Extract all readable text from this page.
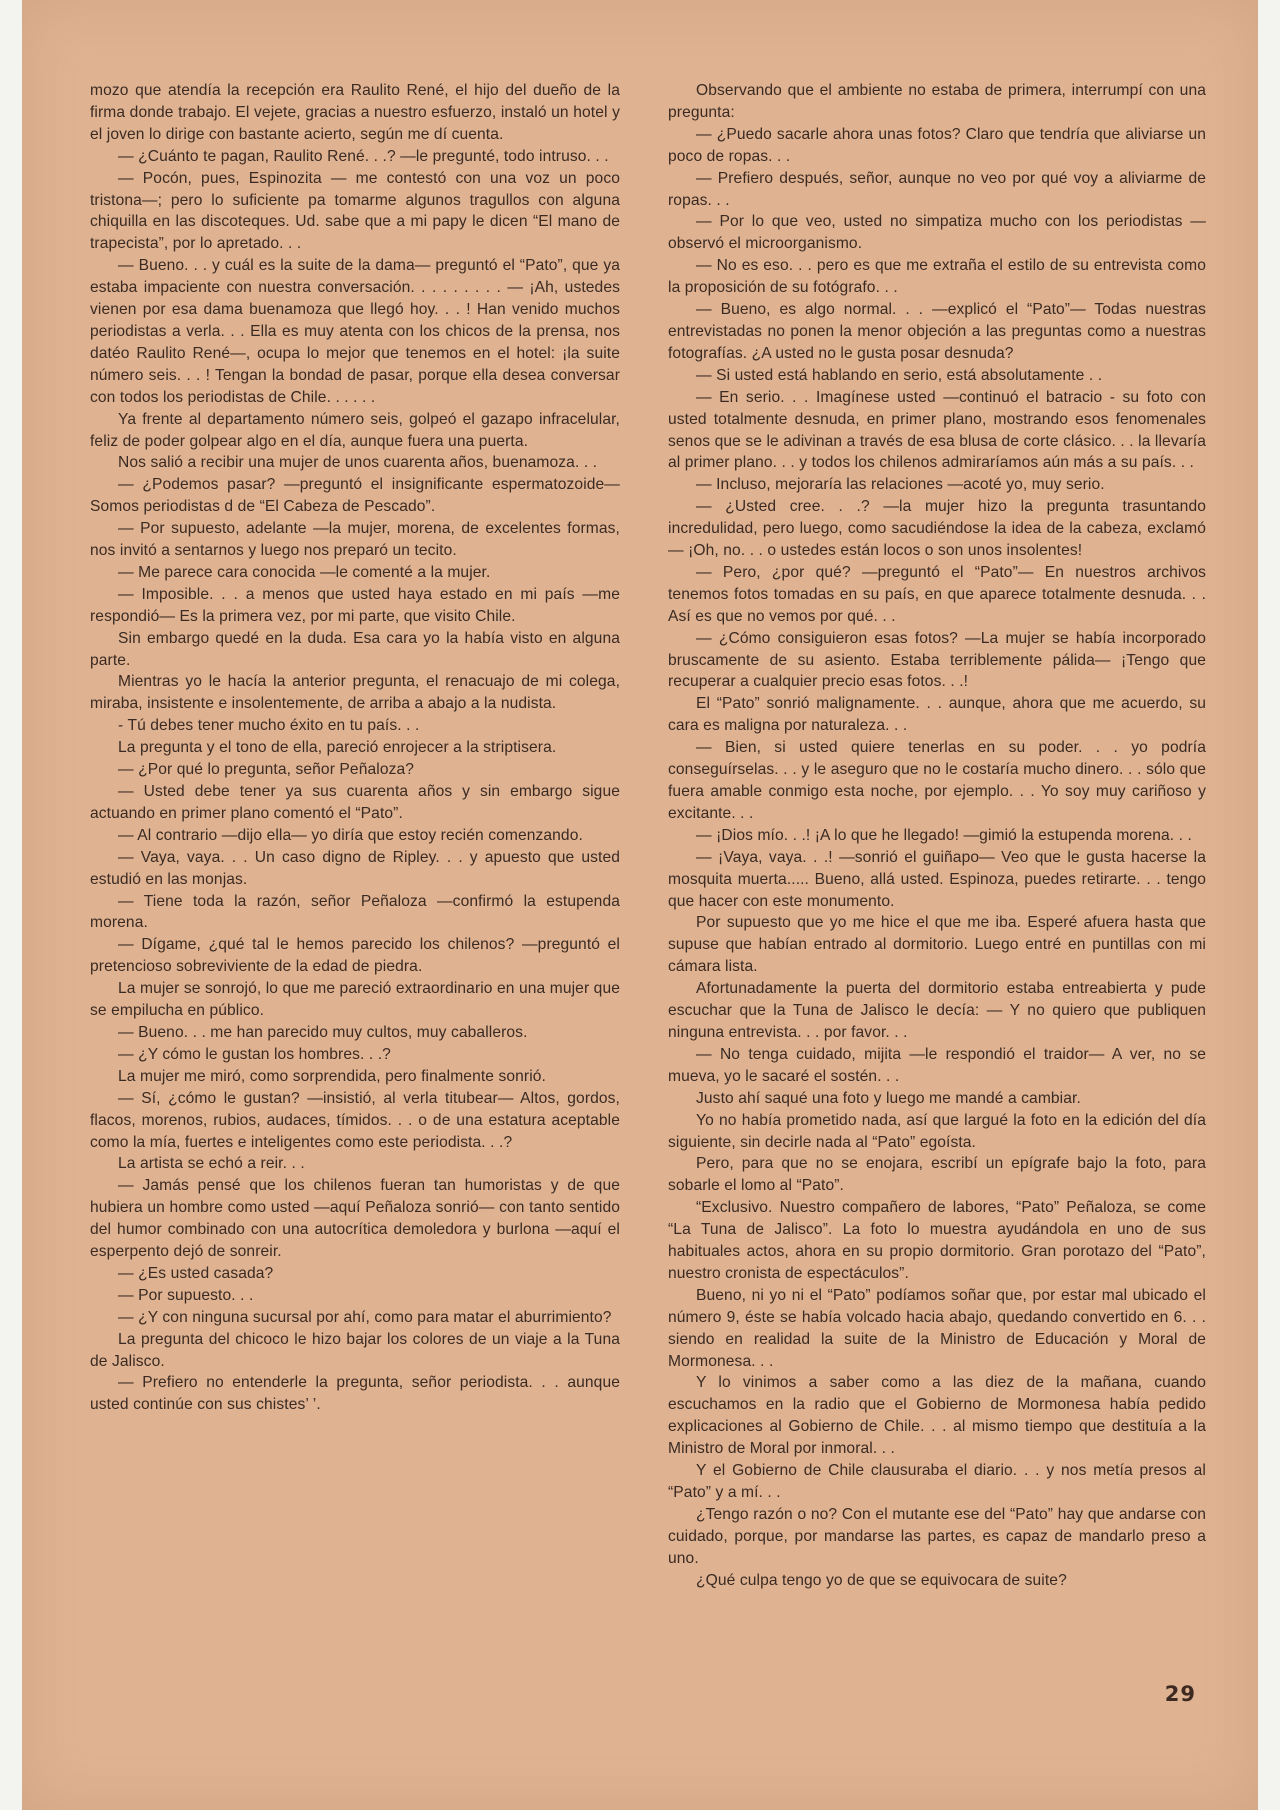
mozo que atendía la recepción era Raulito René, el hijo del dueño de la firma donde trabajo. El vejete, gracias a nuestro esfuerzo, instaló un hotel y el joven lo dirige con bastante acierto, según me dí cuenta.

— ¿Cuánto te pagan, Raulito René. . .? —le pregunté, todo intruso. . .

— Pocón, pues, Espinozita — me contestó con una voz un poco tristona—; pero lo suficiente pa tomarme algunos tragullos con alguna chiquilla en las discoteques. Ud. sabe que a mi papy le dicen “El mano de trapecista”, por lo apretado. . .

— Bueno. . . y cuál es la suite de la dama— preguntó el “Pato”, que ya estaba impaciente con nuestra conversación. . . . . . . . . — ¡Ah, ustedes vienen por esa dama buenamoza que llegó hoy. . . ! Han venido muchos periodistas a verla. . . Ella es muy atenta con los chicos de la prensa, nos datéo Raulito René—, ocupa lo mejor que tenemos en el hotel: ¡la suite número seis. . . ! Tengan la bondad de pasar, porque ella desea conversar con todos los periodistas de Chile. . . . . .

Ya frente al departamento número seis, golpeó el gazapo infracelular, feliz de poder golpear algo en el día, aunque fuera una puerta.

Nos salió a recibir una mujer de unos cuarenta años, buenamoza. . .

— ¿Podemos pasar? —preguntó el insignificante espermatozoide— Somos periodistas d de “El Cabeza de Pescado”.

— Por supuesto, adelante —la mujer, morena, de excelentes formas, nos invitó a sentarnos y luego nos preparó un tecito.

— Me parece cara conocida —le comenté a la mujer.

— Imposible. . . a menos que usted haya estado en mi país —me respondió— Es la primera vez, por mi parte, que visito Chile.

Sin embargo quedé en la duda. Esa cara yo la había visto en alguna parte.

Mientras yo le hacía la anterior pregunta, el renacuajo de mi colega, miraba, insistente e insolentemente, de arriba a abajo a la nudista.

- Tú debes tener mucho éxito en tu país. . .

La pregunta y el tono de ella, pareció enrojecer a la striptisera.

— ¿Por qué lo pregunta, señor Peñaloza?

— Usted debe tener ya sus cuarenta años y sin embargo sigue actuando en primer plano comentó el “Pato”.

— Al contrario —dijo ella— yo diría que estoy recién comenzando.

— Vaya, vaya. . . Un caso digno de Ripley. . . y apuesto que usted estudió en las monjas.

— Tiene toda la razón, señor Peñaloza —confirmó la estupenda morena.

— Dígame, ¿qué tal le hemos parecido los chilenos? —preguntó el pretencioso sobreviviente de la edad de piedra.

La mujer se sonrojó, lo que me pareció extraordinario en una mujer que se empilucha en público.

— Bueno. . . me han parecido muy cultos, muy caballeros.

— ¿Y cómo le gustan los hombres. . .?

La mujer me miró, como sorprendida, pero finalmente sonrió.

— Sí, ¿cómo le gustan? —insistió, al verla titubear— Altos, gordos, flacos, morenos, rubios, audaces, tímidos. . . o de una estatura aceptable como la mía, fuertes e inteligentes como este periodista. . .?

La artista se echó a reir. . .

— Jamás pensé que los chilenos fueran tan humoristas y de que hubiera un hombre como usted —aquí Peñaloza sonrió— con tanto sentido del humor combinado con una autocrítica demoledora y burlona —aquí el esperpento dejó de sonreir.

— ¿Es usted casada?

— Por supuesto. . .

— ¿Y con ninguna sucursal por ahí, como para matar el aburrimiento?

La pregunta del chicoco le hizo bajar los colores de un viaje a la Tuna de Jalisco.

— Prefiero no entenderle la pregunta, señor periodista. . . aunque usted continúe con sus chistes’ ’.

Observando que el ambiente no estaba de primera, interrumpí con una pregunta:

— ¿Puedo sacarle ahora unas fotos? Claro que tendría que aliviarse un poco de ropas. . .

— Prefiero después, señor, aunque no veo por qué voy a aliviarme de ropas. . .

— Por lo que veo, usted no simpatiza mucho con los periodistas —observó el microorganismo.

— No es eso. . . pero es que me extraña el estilo de su entrevista como la proposición de su fotógrafo. . .

— Bueno, es algo normal. . . —explicó el “Pato”— Todas nuestras entrevistadas no ponen la menor objeción a las preguntas como a nuestras fotografías. ¿A usted no le gusta posar desnuda?

— Si usted está hablando en serio, está absolutamente . .

— En serio. . . Imagínese usted —continuó el batracio - su foto con usted totalmente desnuda, en primer plano, mostrando esos fenomenales senos que se le adivinan a través de esa blusa de corte clásico. . . la llevaría al primer plano. . . y todos los chilenos admiraríamos aún más a su país. . .

— Incluso, mejoraría las relaciones —acoté yo, muy serio.

— ¿Usted cree. . .? —la mujer hizo la pregunta trasuntando incredulidad, pero luego, como sacudiéndose la idea de la cabeza, exclamó— ¡Oh, no. . . o ustedes están locos o son unos insolentes!

— Pero, ¿por qué? —preguntó el “Pato”— En nuestros archivos tenemos fotos tomadas en su país, en que aparece totalmente desnuda. . . Así es que no vemos por qué. . .

— ¿Cómo consiguieron esas fotos? —La mujer se había incorporado bruscamente de su asiento. Estaba terriblemente pálida— ¡Tengo que recuperar a cualquier precio esas fotos. . .!

El “Pato” sonrió malignamente. . . aunque, ahora que me acuerdo, su cara es maligna por naturaleza. . .

— Bien, si usted quiere tenerlas en su poder. . . yo podría conseguírselas. . . y le aseguro que no le costaría mucho dinero. . . sólo que fuera amable conmigo esta noche, por ejemplo. . . Yo soy muy cariñoso y excitante. . .

— ¡Dios mío. . .! ¡A lo que he llegado! —gimió la estupenda morena. . .

— ¡Vaya, vaya. . .! —sonrió el guiñapo— Veo que le gusta hacerse la mosquita muerta..... Bueno, allá usted. Espinoza, puedes retirarte. . . tengo que hacer con este monumento.

Por supuesto que yo me hice el que me iba. Esperé afuera hasta que supuse que habían entrado al dormitorio. Luego entré en puntillas con mi cámara lista.

Afortunadamente la puerta del dormitorio estaba entreabierta y pude escuchar que la Tuna de Jalisco le decía: — Y no quiero que publiquen ninguna entrevista. . . por favor. . .

— No tenga cuidado, mijita —le respondió el traidor— A ver, no se mueva, yo le sacaré el sostén. . .

Justo ahí saqué una foto y luego me mandé a cambiar.

Yo no había prometido nada, así que largué la foto en la edición del día siguiente, sin decirle nada al “Pato” egoísta.

Pero, para que no se enojara, escribí un epígrafe bajo la foto, para sobarle el lomo al “Pato”.

“Exclusivo. Nuestro compañero de labores, “Pato” Peñaloza, se come “La Tuna de Jalisco”. La foto lo muestra ayudándola en uno de sus habituales actos, ahora en su propio dormitorio. Gran porotazo del “Pato”, nuestro cronista de espectáculos”.

Bueno, ni yo ni el “Pato” podíamos soñar que, por estar mal ubicado el número 9, éste se había volcado hacia abajo, quedando convertido en 6. . . siendo en realidad la suite de la Ministro de Educación y Moral de Mormonesa. . .

Y lo vinimos a saber como a las diez de la mañana, cuando escuchamos en la radio que el Gobierno de Mormonesa había pedido explicaciones al Gobierno de Chile. . . al mismo tiempo que destituía a la Ministro de Moral por inmoral. . .

Y el Gobierno de Chile clausuraba el diario. . . y nos metía presos al “Pato” y a mí. . .

¿Tengo razón o no? Con el mutante ese del “Pato” hay que andarse con cuidado, porque, por mandarse las partes, es capaz de mandarlo preso a uno.

¿Qué culpa tengo yo de que se equivocara de suite?

29
